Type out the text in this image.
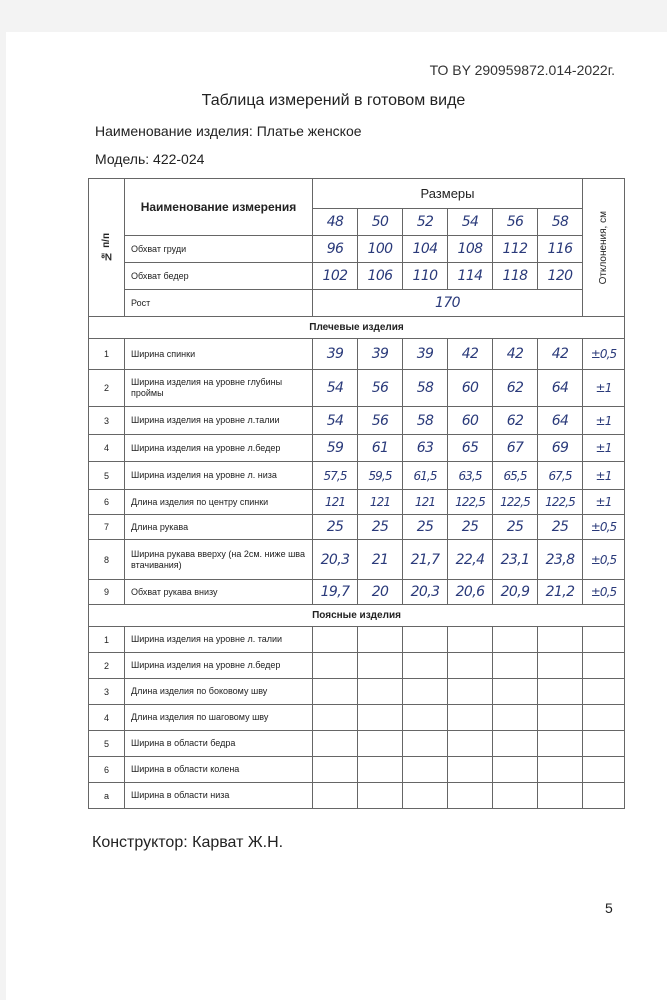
ТО BY 290959872.014-2022г.
Таблица измерений в готовом виде
Наименование изделия: Платье женское
Модель: 422-024
№ п/п	Наименование измерения	Размеры						Отклонения, см

		48	50	52	54	56	58	
	Обхват груди	96	100	104	108	112	116	
	Обхват бедер	102	106	110	114	118	120	
	Рост	170						
Плечевые изделия								
1	Ширина спинки	39	39	39	42	42	42	±0,5
2	Ширина изделия на уровне глубины проймы	54	56	58	60	62	64	±1
3	Ширина изделия на уровне л.талии	54	56	58	60	62	64	±1
4	Ширина изделия на уровне л.бедер	59	61	63	65	67	69	±1
5	Ширина изделия на уровне л. низа	57,5	59,5	61,5	63,5	65,5	67,5	±1
6	Длина изделия по центру спинки	121	121	121	122,5	122,5	122,5	±1
7	Длина рукава	25	25	25	25	25	25	±0,5
8	Ширина рукава вверху (на 2см. ниже шва втачивания)	20,3	21	21,7	22,4	23,1	23,8	±0,5
9	Обхват рукава внизу	19,7	20	20,3	20,6	20,9	21,2	±0,5
Поясные изделия								
1	Ширина изделия на уровне л. талии							
2	Ширина изделия на уровне л.бедер							
3	Длина изделия по боковому шву							
4	Длина изделия по шаговому шву							
5	Ширина в области бедра							
6	Ширина в области колена							
а	Ширина в области низа							
Конструктор: Карват Ж.Н.
5
